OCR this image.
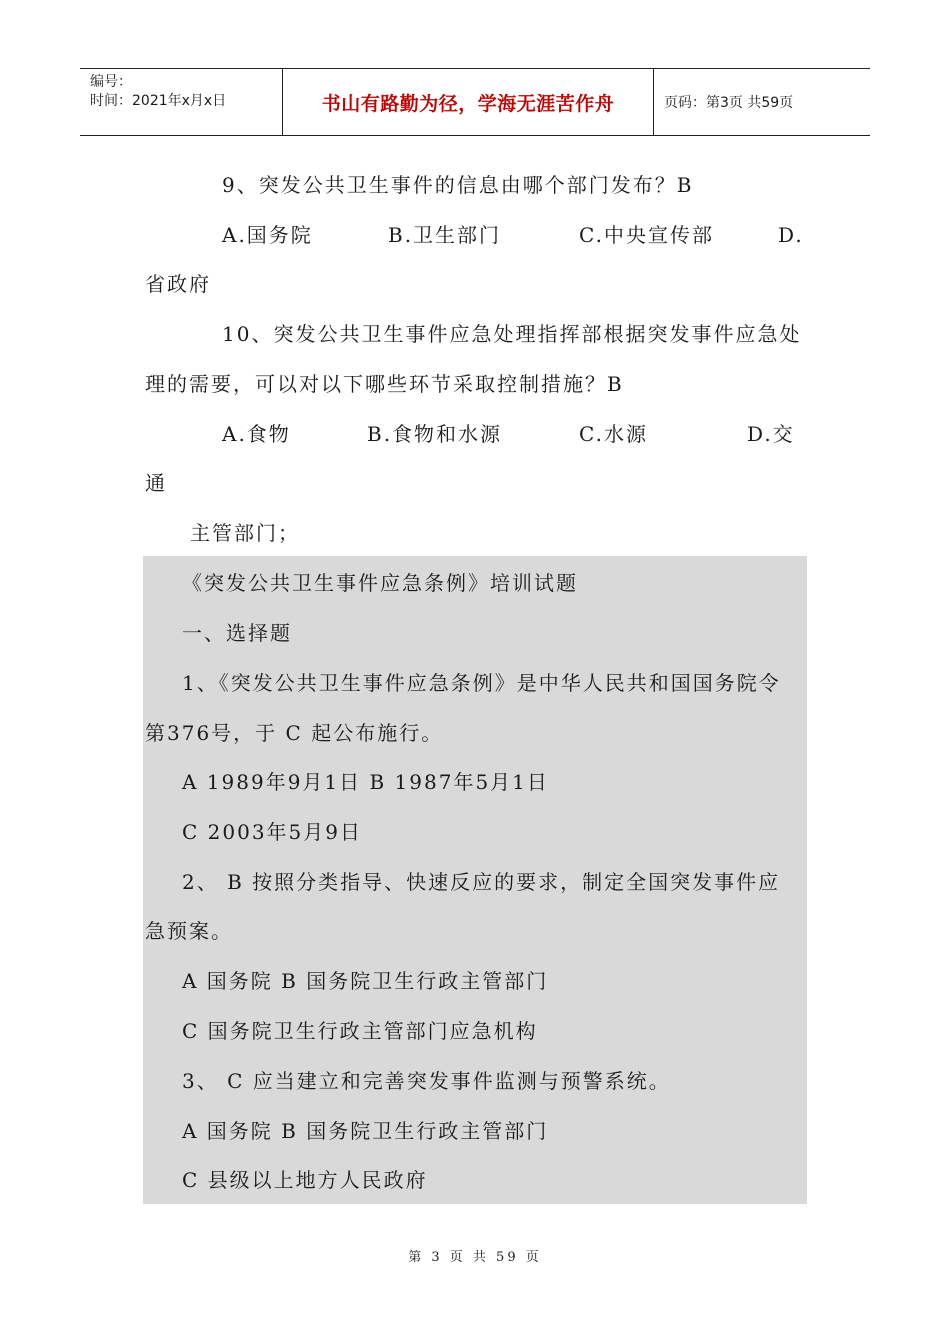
编号：
时间：2021年x月x日	书山有路勤为径，学海无涯苦作舟	页码：第3页 共59页
9、突发公共卫生事件的信息由哪个部门发布？B
A.国务院	B.卫生部门	C.中央宣传部	D.
省政府
10、突发公共卫生事件应急处理指挥部根据突发事件应急处
理的需要，可以对以下哪些环节采取控制措施？B
A.食物	B.食物和水源	C.水源	D.交
通
主管部门；
《突发公共卫生事件应急条例》培训试题
一、选择题
1、《突发公共卫生事件应急条例》是中华人民共和国国务院令
第376号，于 C 起公布施行。
A 1989年9月1日 B 1987年5月1日
C 2003年5月9日
2、 B 按照分类指导、快速反应的要求，制定全国突发事件应
急预案。
A 国务院 B 国务院卫生行政主管部门
C 国务院卫生行政主管部门应急机构
3、 C 应当建立和完善突发事件监测与预警系统。
A 国务院 B 国务院卫生行政主管部门
C 县级以上地方人民政府
第 3 页 共 59 页
